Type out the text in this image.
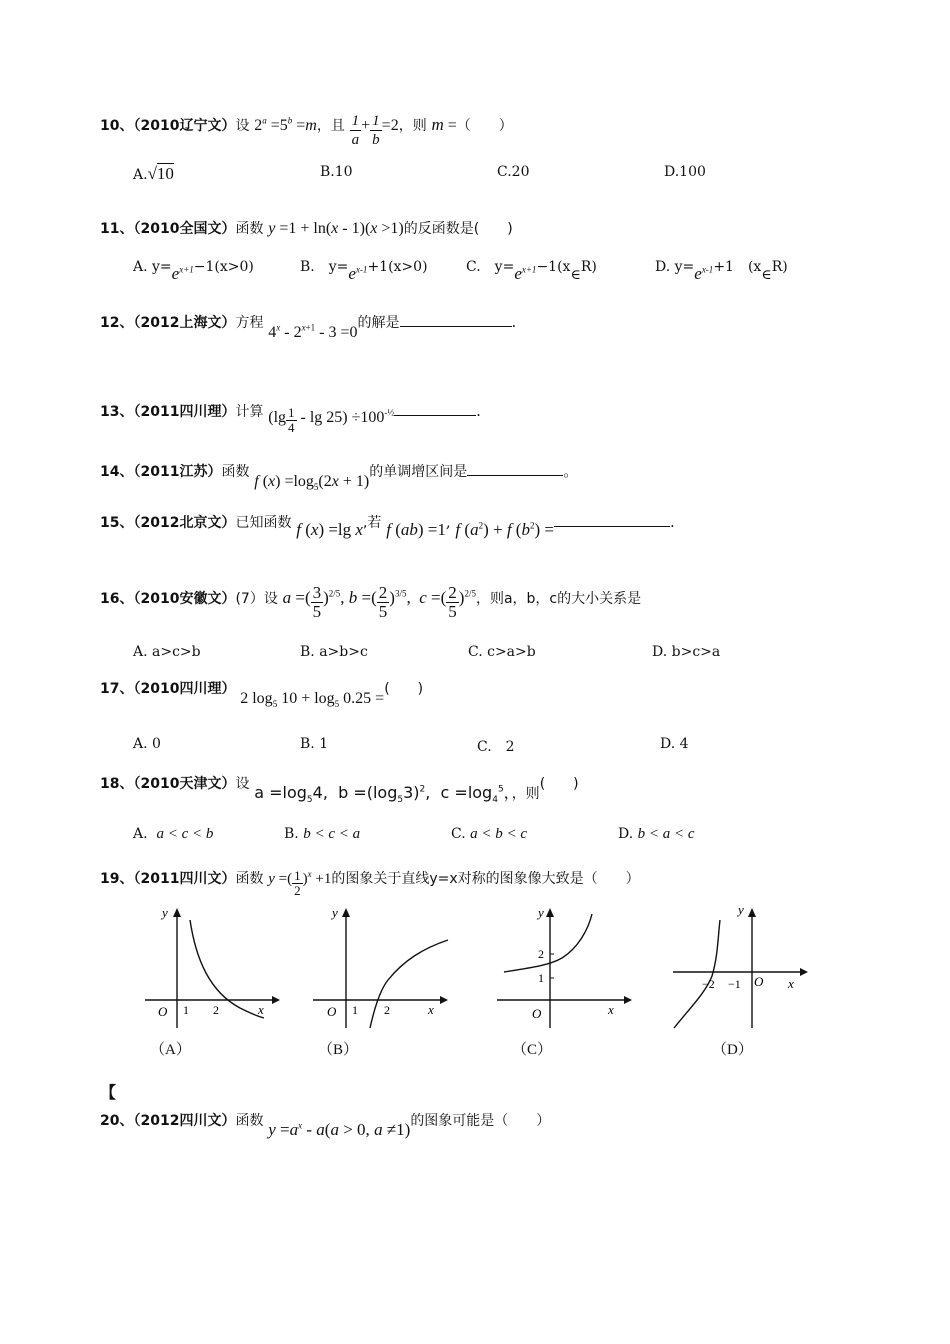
10、（2010辽宁文）设 $2^a =5^b =m$，且 $\frac{1}{a} + \frac{1}{b} =2$，则 m =（　　）
A.√10	B.10	C.20	D.100
11、（2010全国文）函数 y =1 + ln(x - 1)(x >1)的反函数是(　　)
A. $y=e^{x+1}-1(x>0)$	B.　$y=e^{x-1}+1(x>0)$	C.　$y=e^{x+1}-1(x\in R)$	D. $y=e^{x-1}+1$　(x∈R)
12、（2012上海文）方程 $4^x - 2^{x+1} - 3 =0$的解是	.
13、（2011四川理）计算 $(\lg \frac{1}{4} - \lg 25) \div 100^{-\frac{1}{2}}$	.
14、（2011江苏）函数 f $(x) =\log_5(2x + 1)$的单调增区间是	。
15、（2012北京文）已知函数 f (x) =lg x,若 f (ab) =1, f $(a^2) + f$ $(b^2)$ =	.
16、（2010安徽文）(7）设 a =( $\frac{3}{5} )^{2/5}$, b =( $\frac{2}{5} )^{3/5}$,  c =( $\frac{2}{5} )^{2/5}$，则a，b，c的大小关系是
A. a>c>b	B. a>b>c	C. c>a>b	D. b>c>a
17、（2010四川理） 2 $\log_5 10 + \log_5 0.25$ =(　　)
A. 0	B. 1	C.　2	D. 4
18、（2010天津文）设 $a =\log_54$,  $b =(\log_53)^2$,  $c =\log_4^5$，，则(　　)
A. a < c < b	B. b < c < a	C. a < b < c	D. b < a < c
19、（2011四川文）函数 y =( $\frac{1}{2} )^x +1$的图象关于直线y=x对称的图象像大致是（　　）
y
O 1 2	x
（A）
y
O 1 2	x
（B）
y
2
1
O	x
（C）
y
−2 −1 O x
（D）
【
20、（2012四川文）函数 $y =a^x - a(a > 0$, a ≠1)的图象可能是（　　）
